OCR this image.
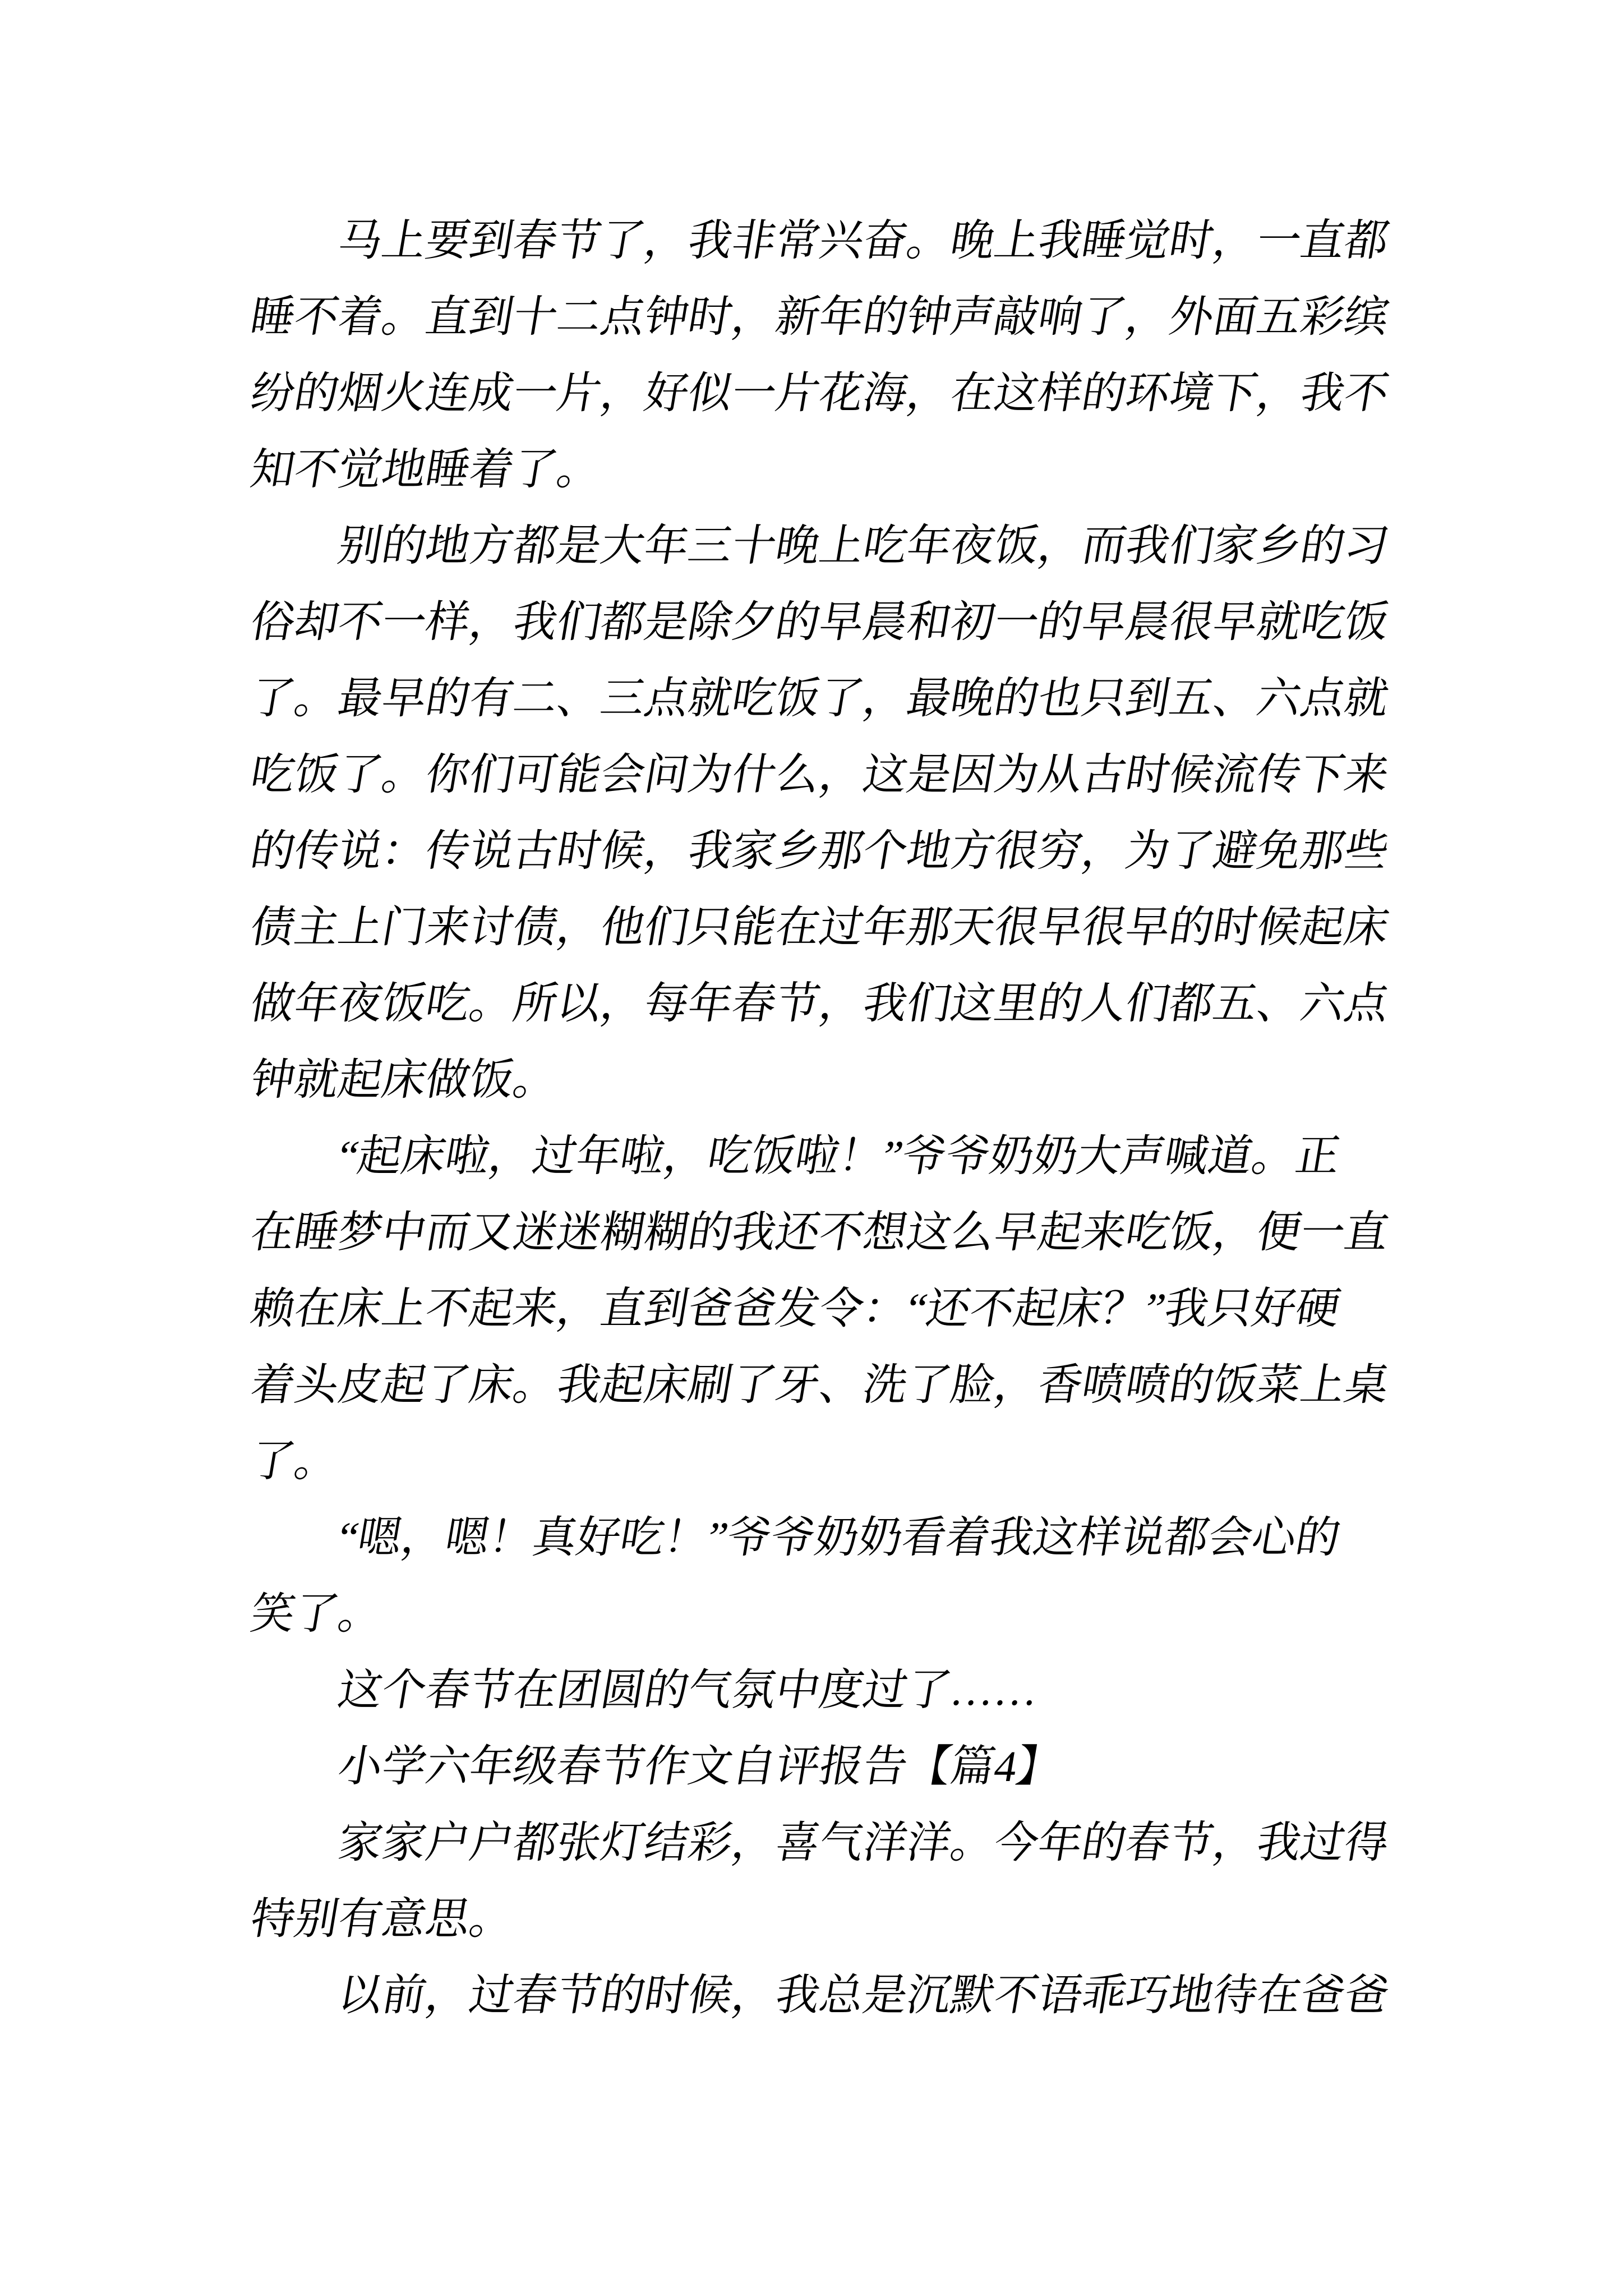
马上要到春节了，我非常兴奋。晚上我睡觉时，一直都
睡不着。直到十二点钟时，新年的钟声敲响了，外面五彩缤
纷的烟火连成一片，好似一片花海，在这样的环境下，我不
知不觉地睡着了。
别的地方都是大年三十晚上吃年夜饭，而我们家乡的习
俗却不一样，我们都是除夕的早晨和初一的早晨很早就吃饭
了。最早的有二、三点就吃饭了，最晚的也只到五、六点就
吃饭了。你们可能会问为什么，这是因为从古时候流传下来
的传说：传说古时候，我家乡那个地方很穷，为了避免那些
债主上门来讨债，他们只能在过年那天很早很早的时候起床
做年夜饭吃。所以，每年春节，我们这里的人们都五、六点
钟就起床做饭。
“起床啦，过年啦，吃饭啦！”爷爷奶奶大声喊道。正
在睡梦中而又迷迷糊糊的我还不想这么早起来吃饭，便一直
赖在床上不起来，直到爸爸发令：“还不起床？”我只好硬
着头皮起了床。我起床刷了牙、洗了脸，香喷喷的饭菜上桌
了。
“嗯，嗯！真好吃！”爷爷奶奶看着我这样说都会心的
笑了。
这个春节在团圆的气氛中度过了……
小学六年级春节作文自评报告【篇4】
家家户户都张灯结彩，喜气洋洋。今年的春节，我过得
特别有意思。
以前，过春节的时候，我总是沉默不语乖巧地待在爸爸
